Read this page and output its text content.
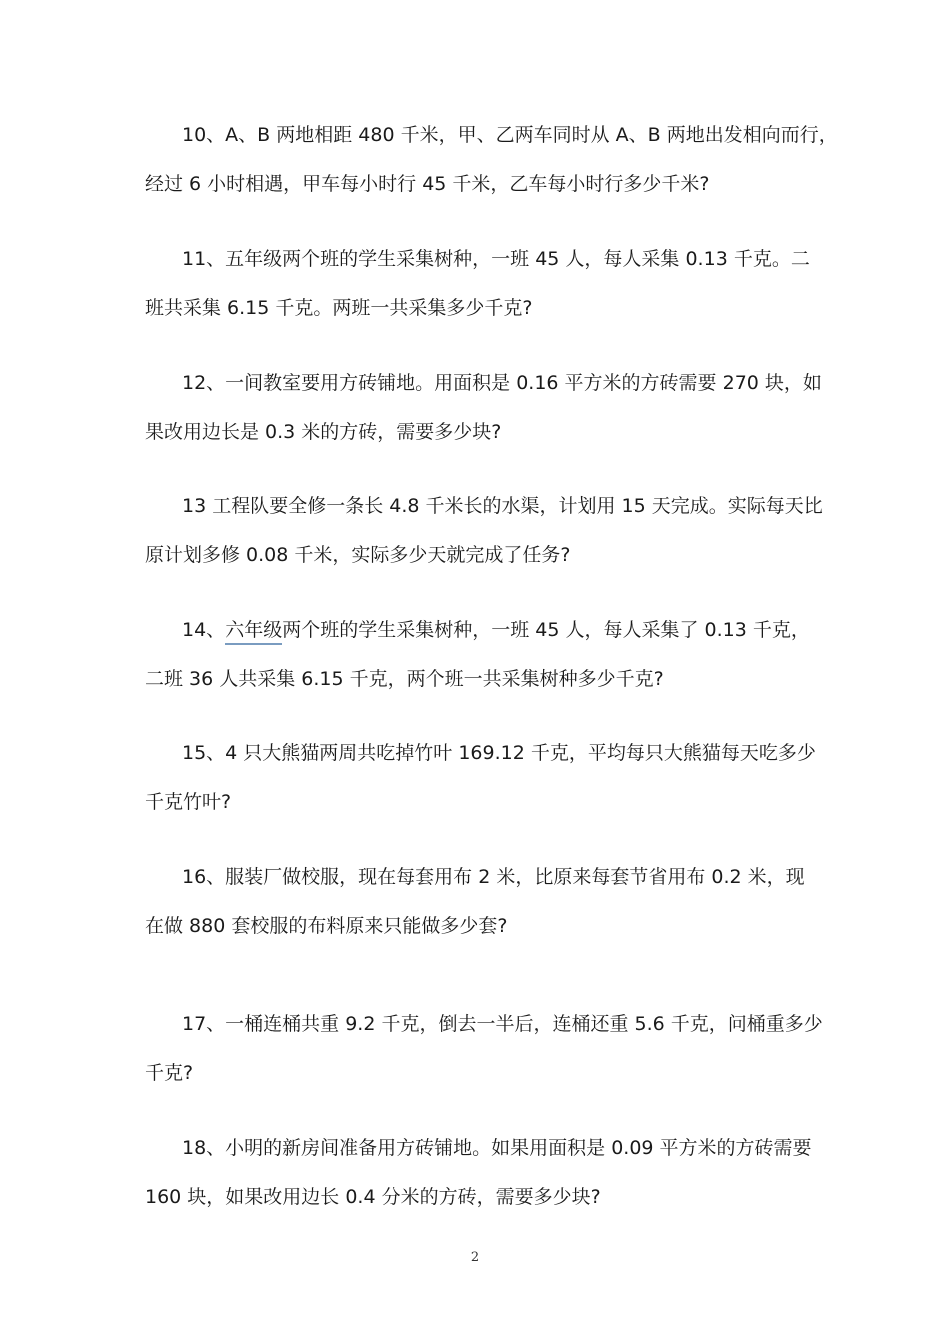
10、A、B 两地相距 480 千米，甲、乙两车同时从 A、B 两地出发相向而行，
经过 6 小时相遇，甲车每小时行 45 千米，乙车每小时行多少千米?
11、五年级两个班的学生采集树种，一班 45 人，每人采集 0.13 千克。二
班共采集 6.15 千克。两班一共采集多少千克?
12、一间教室要用方砖铺地。用面积是 0.16 平方米的方砖需要 270 块，如
果改用边长是 0.3 米的方砖，需要多少块?
13 工程队要全修一条长 4.8 千米长的水渠，计划用 15 天完成。实际每天比
原计划多修 0.08 千米，实际多少天就完成了任务?
14、六年级两个班的学生采集树种，一班 45 人，每人采集了 0.13 千克，
二班 36 人共采集 6.15 千克，两个班一共采集树种多少千克?
15、4 只大熊猫两周共吃掉竹叶 169.12 千克，平均每只大熊猫每天吃多少
千克竹叶?
16、服装厂做校服，现在每套用布 2 米，比原来每套节省用布 0.2 米，现
在做 880 套校服的布料原来只能做多少套?
17、一桶连桶共重 9.2 千克，倒去一半后，连桶还重 5.6 千克，问桶重多少
千克?
18、小明的新房间准备用方砖铺地。如果用面积是 0.09 平方米的方砖需要
160 块，如果改用边长 0.4 分米的方砖，需要多少块?
2
